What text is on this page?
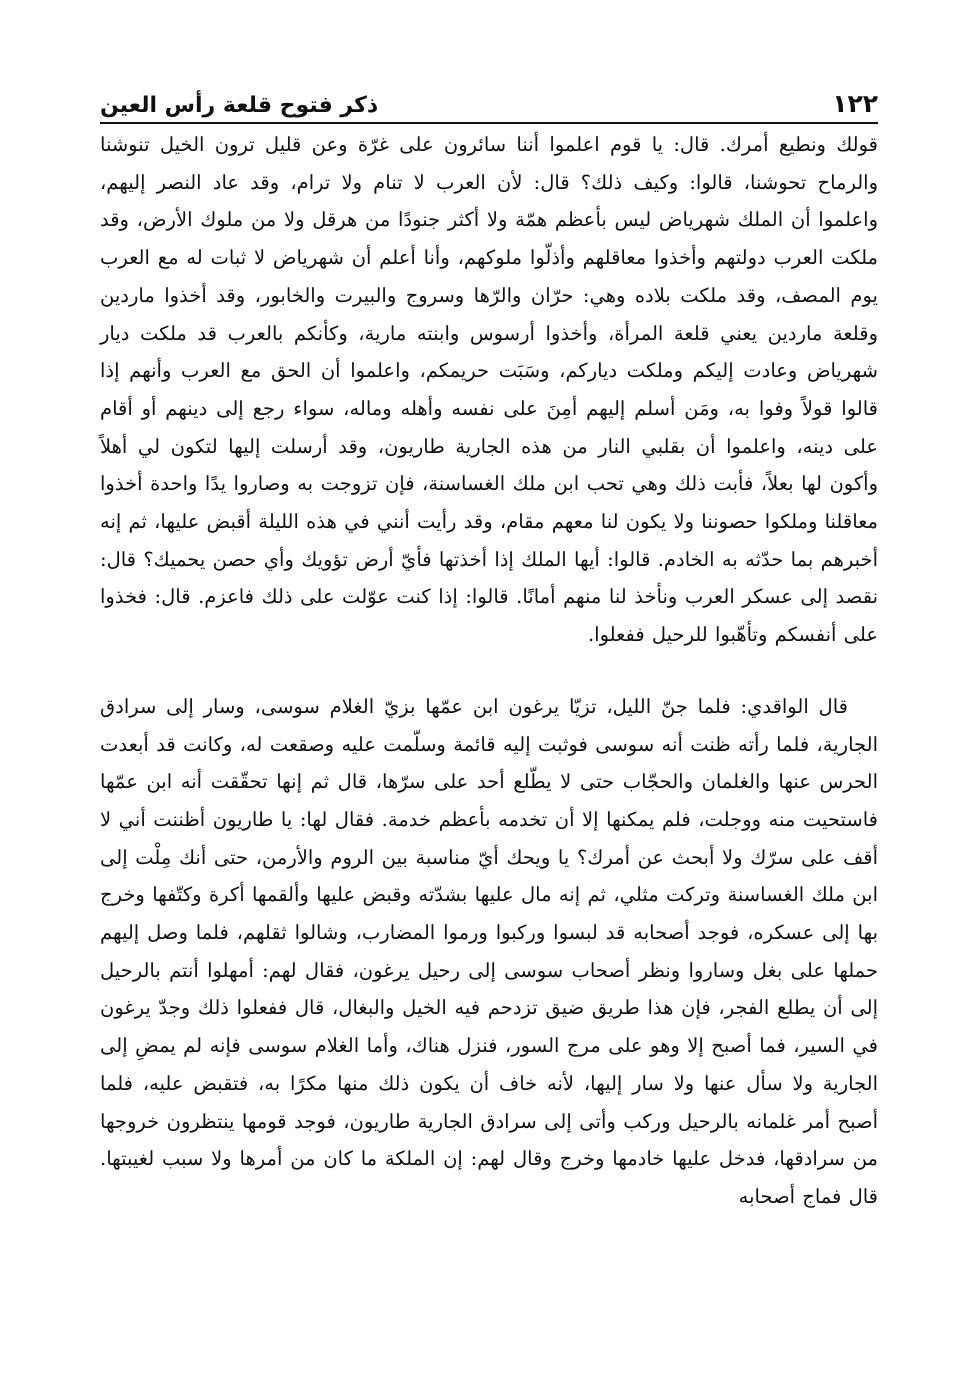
١٢٢
ذكر فتوح قلعة رأس العين

قولك ونطيع أمرك. قال: يا قوم اعلموا أننا سائرون على غرّة وعن قليل ترون الخيل تنوشنا والرماح تحوشنا، قالوا: وكيف ذلك؟ قال: لأن العرب لا تنام ولا ترام، وقد عاد النصر إليهم، واعلموا أن الملك شهرياض ليس بأعظم همّة ولا أكثر جنودًا من هرقل ولا من ملوك الأرض، وقد ملكت العرب دولتهم وأخذوا معاقلهم وأذلّوا ملوكهم، وأنا أعلم أن شهرياض لا ثبات له مع العرب يوم المصف، وقد ملكت بلاده وهي: حرّان والرّها وسروج والبيرت والخابور، وقد أخذوا ماردين وقلعة ماردين يعني قلعة المرأة، وأخذوا أرسوس وابنته مارية، وكأنكم بالعرب قد ملكت ديار شهرياض وعادت إليكم وملكت دياركم، وسَبَت حريمكم، واعلموا أن الحق مع العرب وأنهم إذا قالوا قولاً وفوا به، ومَن أسلم إليهم أمِنَ على نفسه وأهله وماله، سواء رجع إلى دينهم أو أقام على دينه، واعلموا أن بقلبي النار من هذه الجارية طاريون، وقد أرسلت إليها لتكون لي أهلاً وأكون لها بعلاً، فأبت ذلك وهي تحب ابن ملك الغساسنة، فإن تزوجت به وصاروا يدًا واحدة أخذوا معاقلنا وملكوا حصوننا ولا يكون لنا معهم مقام، وقد رأيت أنني في هذه الليلة أقبض عليها، ثم إنه أخبرهم بما حدّثه به الخادم. قالوا: أيها الملك إذا أخذتها فأيّ أرض تؤويك وأي حصن يحميك؟ قال: نقصد إلى عسكر العرب ونأخذ لنا منهم أمانًا. قالوا: إذا كنت عوّلت على ذلك فاعزم. قال: فخذوا على أنفسكم وتأهّبوا للرحيل ففعلوا.

قال الواقدي: فلما جنّ الليل، تزيّا يرغون ابن عمّها بزيّ الغلام سوسى، وسار إلى سرادق الجارية، فلما رأته ظنت أنه سوسى فوثبت إليه قائمة وسلّمت عليه وصقعت له، وكانت قد أبعدت الحرس عنها والغلمان والحجّاب حتى لا يطّلع أحد على سرّها، قال ثم إنها تحقّقت أنه ابن عمّها فاستحيت منه ووجلت، فلم يمكنها إلا أن تخدمه بأعظم خدمة. فقال لها: يا طاريون أظننت أني لا أقف على سرّك ولا أبحث عن أمرك؟ يا ويحك أيّ مناسبة بين الروم والأرمن، حتى أنك مِلْت إلى ابن ملك الغساسنة وتركت مثلي، ثم إنه مال عليها بشدّته وقبض عليها وألقمها أكرة وكتّفها وخرج بها إلى عسكره، فوجد أصحابه قد لبسوا وركبوا ورموا المضارب، وشالوا ثقلهم، فلما وصل إليهم حملها على بغل وساروا ونظر أصحاب سوسى إلى رحيل يرغون، فقال لهم: أمهلوا أنتم بالرحيل إلى أن يطلع الفجر، فإن هذا طريق ضيق تزدحم فيه الخيل والبغال، قال ففعلوا ذلك وجدّ يرغون في السير، فما أصبح إلا وهو على مرج السور، فنزل هناك، وأما الغلام سوسى فإنه لم يمضِ إلى الجارية ولا سأل عنها ولا سار إليها، لأنه خاف أن يكون ذلك منها مكرًا به، فتقبض عليه، فلما أصبح أمر غلمانه بالرحيل وركب وأتى إلى سرادق الجارية طاريون، فوجد قومها ينتظرون خروجها من سرادقها، فدخل عليها خادمها وخرج وقال لهم: إن الملكة ما كان من أمرها ولا سبب لغيبتها. قال فماج أصحابه
